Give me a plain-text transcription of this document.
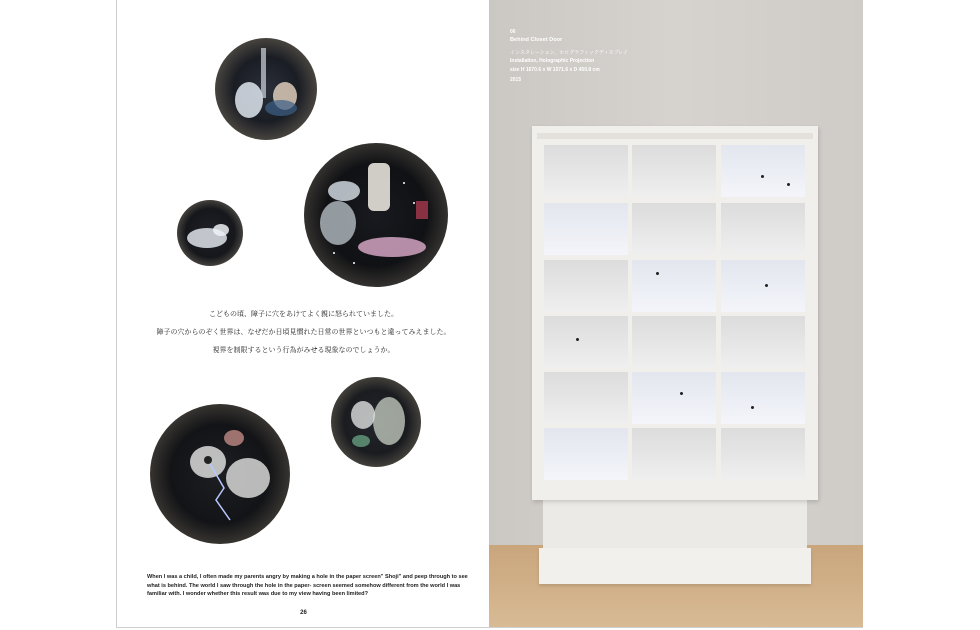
こどもの頃、障子に穴をあけてよく親に怒られていました。
障子の穴からのぞく世界は、なぜだか日頃見慣れた日常の世界といつもと違ってみえました。
視界を制限するという行為がみせる現象なのでしょうか。
When I was a child, I often made my parents angry by making a hole in the paper screen" Shoji" and peep through to see what is behind. The world I saw through the hole in the paper- screen seemed somehow different from the world I was familiar with. I wonder whether this result was due to my view having been limited?
26
06
Behind Closet Door
インスタレーション，ホログラフィックディスプレイ
Installation, Holographic Projection
size H 1670.6 x W 1071.6 x D 450.8 cm
2015
